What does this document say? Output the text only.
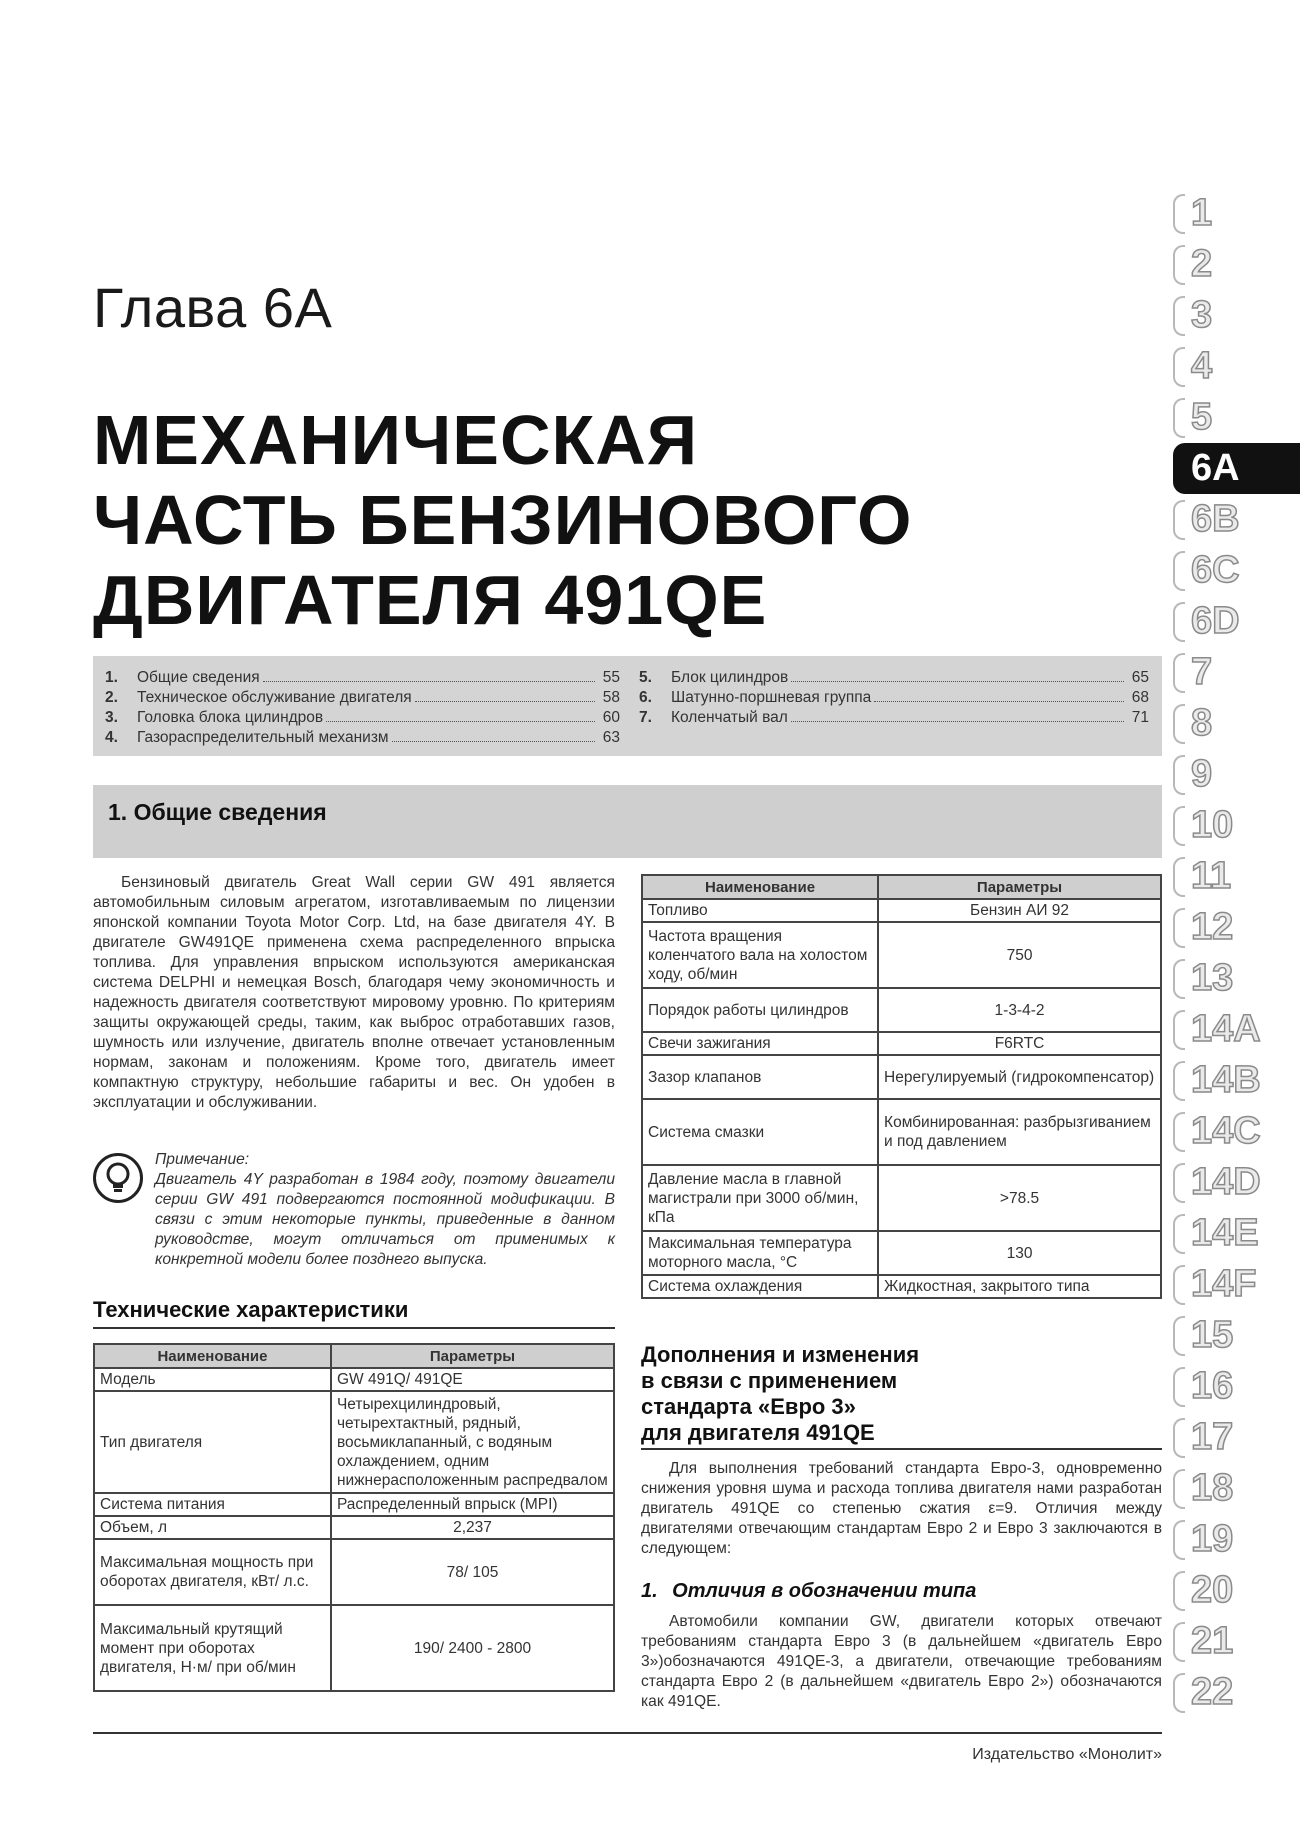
Глава 6А
МЕХАНИЧЕСКАЯ
ЧАСТЬ БЕНЗИНОВОГО
ДВИГАТЕЛЯ 491QE
1.	Общие сведения	55
2.	Техническое обслуживание двигателя	58
3.	Головка блока цилиндров	60
4.	Газораспределительный механизм	63
5.	Блок цилиндров	65
6.	Шатунно-поршневая группа	68
7.	Коленчатый вал	71
1. Общие сведения

Бензиновый двигатель Great Wall серии GW 491 является автомобильным силовым агрегатом, изготавливаемым по лицензии японской компании Toyota Motor Corp. Ltd, на базе двигателя 4Y. В двигателе GW491QE применена схема распределенного впрыска топлива. Для управления впрыском используются американская система DELPHI и немецкая Bosch, благодаря чему экономичность и надежность двигателя соответствуют мировому уровню. По критериям защиты окружающей среды, таким, как выброс отработавших газов, шумность или излучение, двигатель вполне отвечает установленным нормам, законам и положениям. Кроме того, двигатель имеет компактную структуру, небольшие габариты и вес. Он удобен в эксплуатации и обслуживании.

Примечание:
Двигатель 4Y разработан в 1984 году, поэтому двигатели серии GW 491 подвергаются постоянной модификации. В связи с этим некоторые пункты, приведенные в данном руководстве, могут отличаться от применимых к конкретной модели более позднего выпуска.
Технические характеристики
Наименование	Параметры
Модель	GW 491Q/ 491QE
Тип двигателя	Четырехцилиндровый, четырехтактный, рядный, восьмиклапанный, с водяным охлаждением, одним нижнерасположенным распредвалом
Система питания	Распределенный впрыск (MPI)
Объем, л	2,237
Максимальная мощность при оборотах двигателя, кВт/ л.с.	78/ 105
Максимальный крутящий момент при оборотах двигателя, Н·м/ при об/мин	190/ 2400 - 2800
Наименование	Параметры
Топливо	Бензин АИ 92
Частота вращения коленчатого вала на холостом ходу, об/мин	750
Порядок работы цилиндров	1-3-4-2
Свечи зажигания	F6RTC
Зазор клапанов	Нерегулируемый (гидрокомпенсатор)
Система смазки	Комбинированная: разбрызгиванием и под давлением
Давление масла в главной магистрали при 3000 об/мин, кПа	>78.5
Максимальная температура моторного масла, °C	130
Система охлаждения	Жидкостная, закрытого типа
Дополнения и изменения
в связи с применением
стандарта «Евро 3»
для двигателя 491QE

Для выполнения требований стандарта Евро-3, одновременно снижения уровня шума и расхода топлива двигателя нами разработан двигатель 491QE со степенью сжатия ε=9. Отличия между двигателями отвечающим стандартам Евро 2 и Евро 3 заключаются в следующем:

1. Отличия в обозначении типа

Автомобили компании GW, двигатели которых отвечают требованиям стандарта Евро 3 (в дальнейшем «двигатель Евро 3»)обозначаются 491QE-3, а двигатели, отвечающие требованиям стандарта Евро 2 (в дальнейшем «двигатель Евро 2») обозначаются как 491QE.

Издательство «Монолит»
1
2
3
4
5
6A
6B
6C
6D
7
8
9
10
11
12
13
14A
14B
14C
14D
14E
14F
15
16
17
18
19
20
21
22
